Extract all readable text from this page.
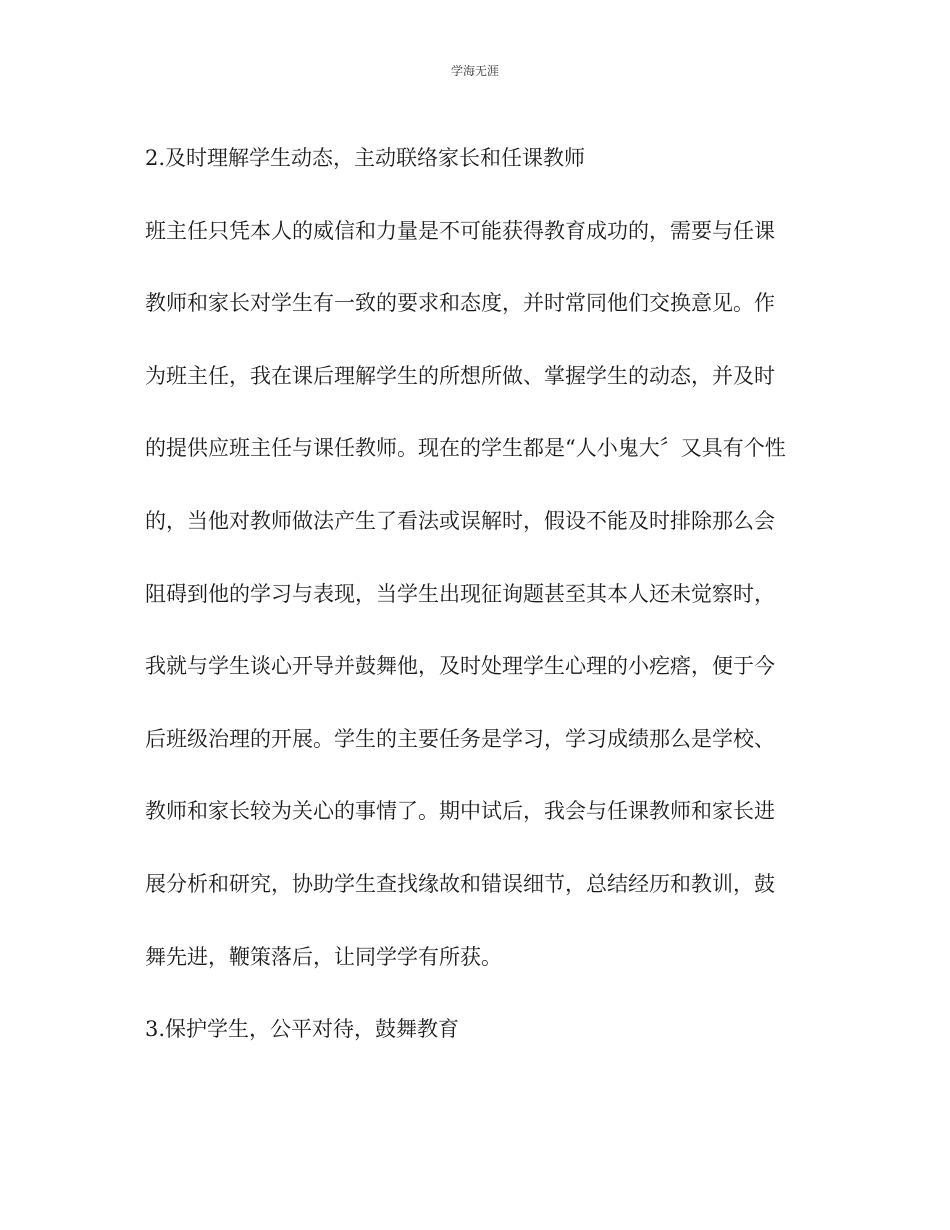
学海无涯
2.及时理解学生动态，主动联络家长和任课教师
班主任只凭本人的威信和力量是不可能获得教育成功的，需要与任课
教师和家长对学生有一致的要求和态度，并时常同他们交换意见。作
为班主任，我在课后理解学生的所想所做、掌握学生的动态，并及时
的提供应班主任与课任教师。现在的学生都是“人小鬼大〞又具有个性
的，当他对教师做法产生了看法或误解时，假设不能及时排除那么会
阻碍到他的学习与表现，当学生出现征询题甚至其本人还未觉察时，
我就与学生谈心开导并鼓舞他，及时处理学生心理的小疙瘩，便于今
后班级治理的开展。学生的主要任务是学习，学习成绩那么是学校、
教师和家长较为关心的事情了。期中试后，我会与任课教师和家长进
展分析和研究，协助学生查找缘故和错误细节，总结经历和教训，鼓
舞先进，鞭策落后，让同学学有所获。
3.保护学生，公平对待，鼓舞教育
